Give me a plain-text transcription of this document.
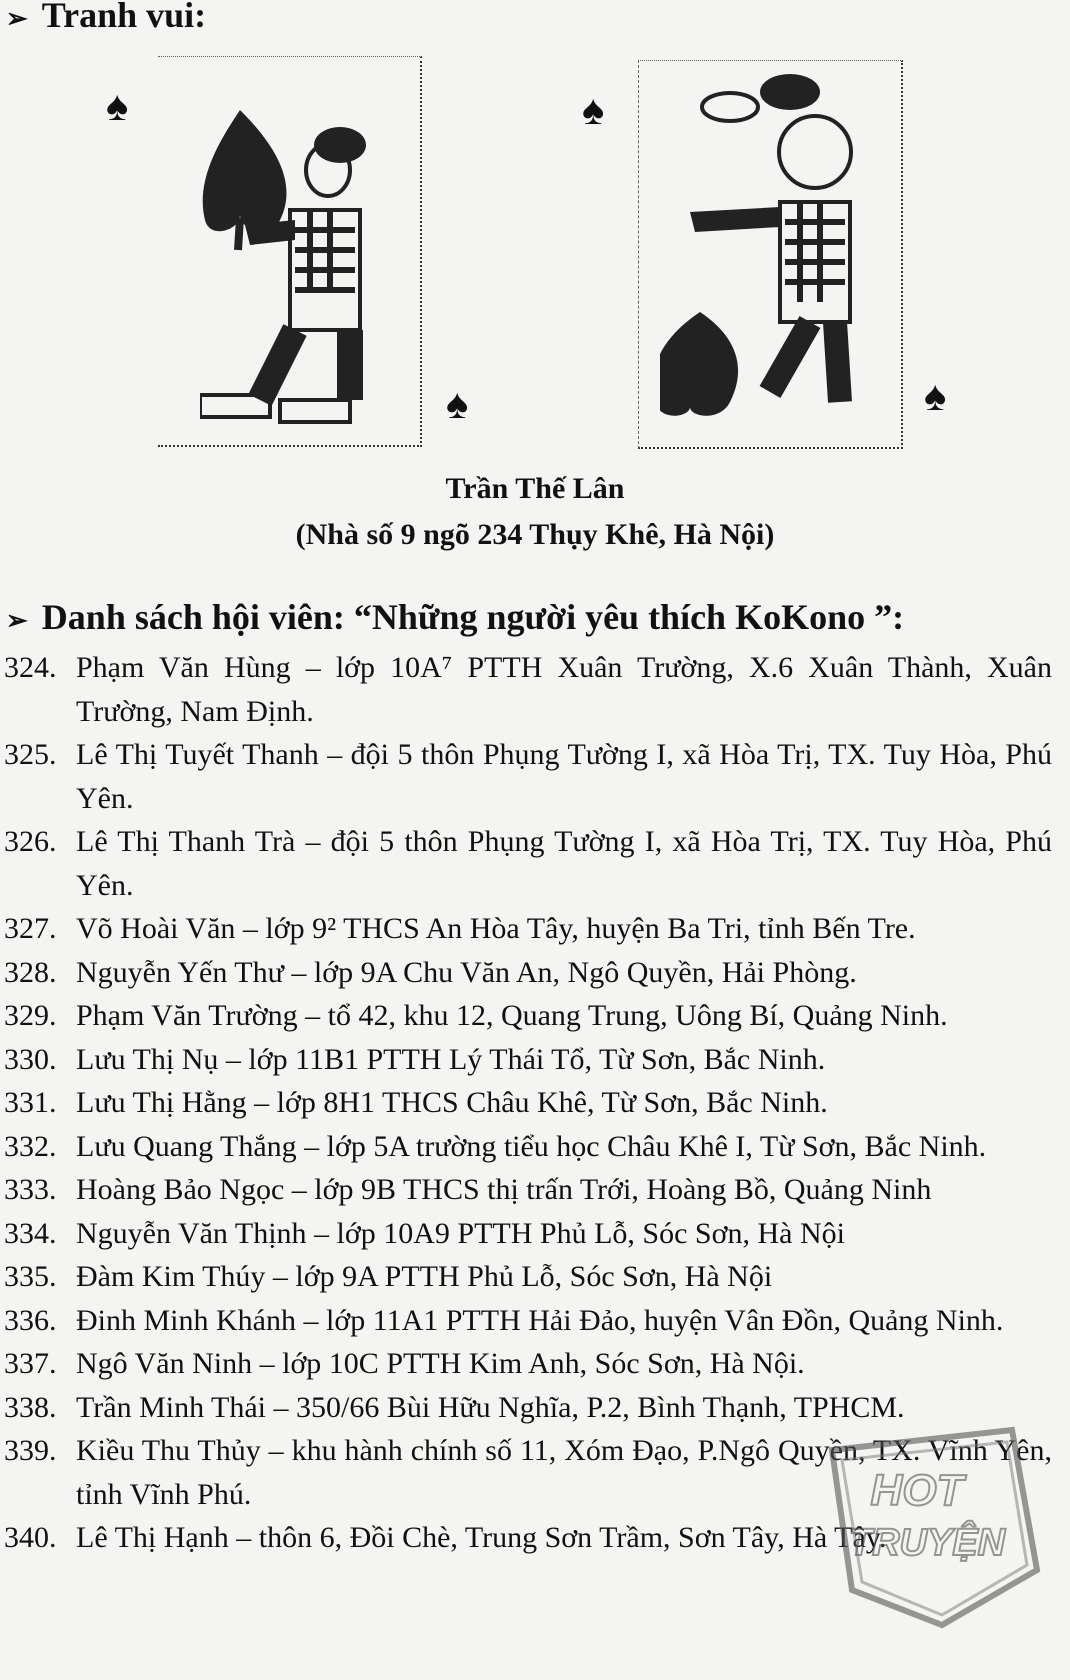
➢ Tranh vui:
♠
♠
♠
♠
Trần Thế Lân
(Nhà số 9 ngõ 234 Thụy Khê, Hà Nội)
➢ Danh sách hội viên: “Những người yêu thích KoKono ”:
324. Phạm Văn Hùng – lớp 10A⁷ PTTH Xuân Trường, X.6 Xuân Thành, Xuân Trường, Nam Định.
325. Lê Thị Tuyết Thanh – đội 5 thôn Phụng Tường I, xã Hòa Trị, TX. Tuy Hòa, Phú Yên.
326. Lê Thị Thanh Trà – đội 5 thôn Phụng Tường I, xã Hòa Trị, TX. Tuy Hòa, Phú Yên.
327. Võ Hoài Văn – lớp 9² THCS An Hòa Tây, huyện Ba Tri, tỉnh Bến Tre.
328. Nguyễn Yến Thư – lớp 9A Chu Văn An, Ngô Quyền, Hải Phòng.
329. Phạm Văn Trường – tổ 42, khu 12, Quang Trung, Uông Bí, Quảng Ninh.
330. Lưu Thị Nụ – lớp 11B1 PTTH Lý Thái Tổ, Từ Sơn, Bắc Ninh.
331. Lưu Thị Hằng – lớp 8H1 THCS Châu Khê, Từ Sơn, Bắc Ninh.
332. Lưu Quang Thắng – lớp 5A trường tiểu học Châu Khê I, Từ Sơn, Bắc Ninh.
333. Hoàng Bảo Ngọc – lớp 9B THCS thị trấn Trới, Hoàng Bồ, Quảng Ninh
334. Nguyễn Văn Thịnh – lớp 10A9 PTTH Phủ Lỗ, Sóc Sơn, Hà Nội
335. Đàm Kim Thúy – lớp 9A PTTH Phủ Lỗ, Sóc Sơn, Hà Nội
336. Đinh Minh Khánh – lớp 11A1 PTTH Hải Đảo, huyện Vân Đồn, Quảng Ninh.
337. Ngô Văn Ninh – lớp 10C PTTH Kim Anh, Sóc Sơn, Hà Nội.
338. Trần Minh Thái – 350/66 Bùi Hữu Nghĩa, P.2, Bình Thạnh, TPHCM.
339. Kiều Thu Thủy – khu hành chính số 11, Xóm Đạo, P.Ngô Quyền, TX. Vĩnh Yên, tỉnh Vĩnh Phú.
340. Lê Thị Hạnh – thôn 6, Đồi Chè, Trung Sơn Trầm, Sơn Tây, Hà Tây.
HOT
TRUYỆN
